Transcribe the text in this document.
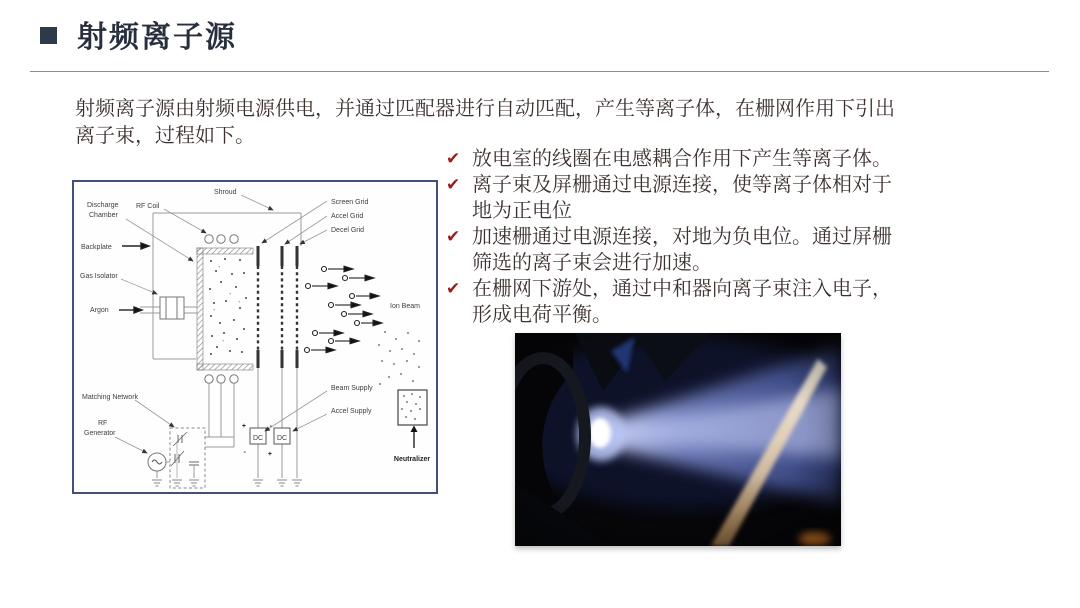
射频离子源
射频离子源由射频电源供电，并通过匹配器进行自动匹配，产生等离子体，在栅网作用下引出离子束，过程如下。
✔ 放电室的线圈在电感耦合作用下产生等离子体。
✔ 离子束及屏栅通过电源连接，使等离子体相对于地为正电位
✔ 加速栅通过电源连接，对地为负电位。通过屏栅筛选的离子束会进行加速。
✔ 在栅网下游处，通过中和器向离子束注入电子，形成电荷平衡。
+
+
+
+
+
DC DC
+
-
-
+
Discharge
Chamber
RF Coil
Shroud
Screen Grid
Accel Grid
Decel Grid
Backplate
Gas Isolator
Argon
Ion Beam
Matching Network
RF
Generator
Beam Supply
Accel Supply
Neutralizer
